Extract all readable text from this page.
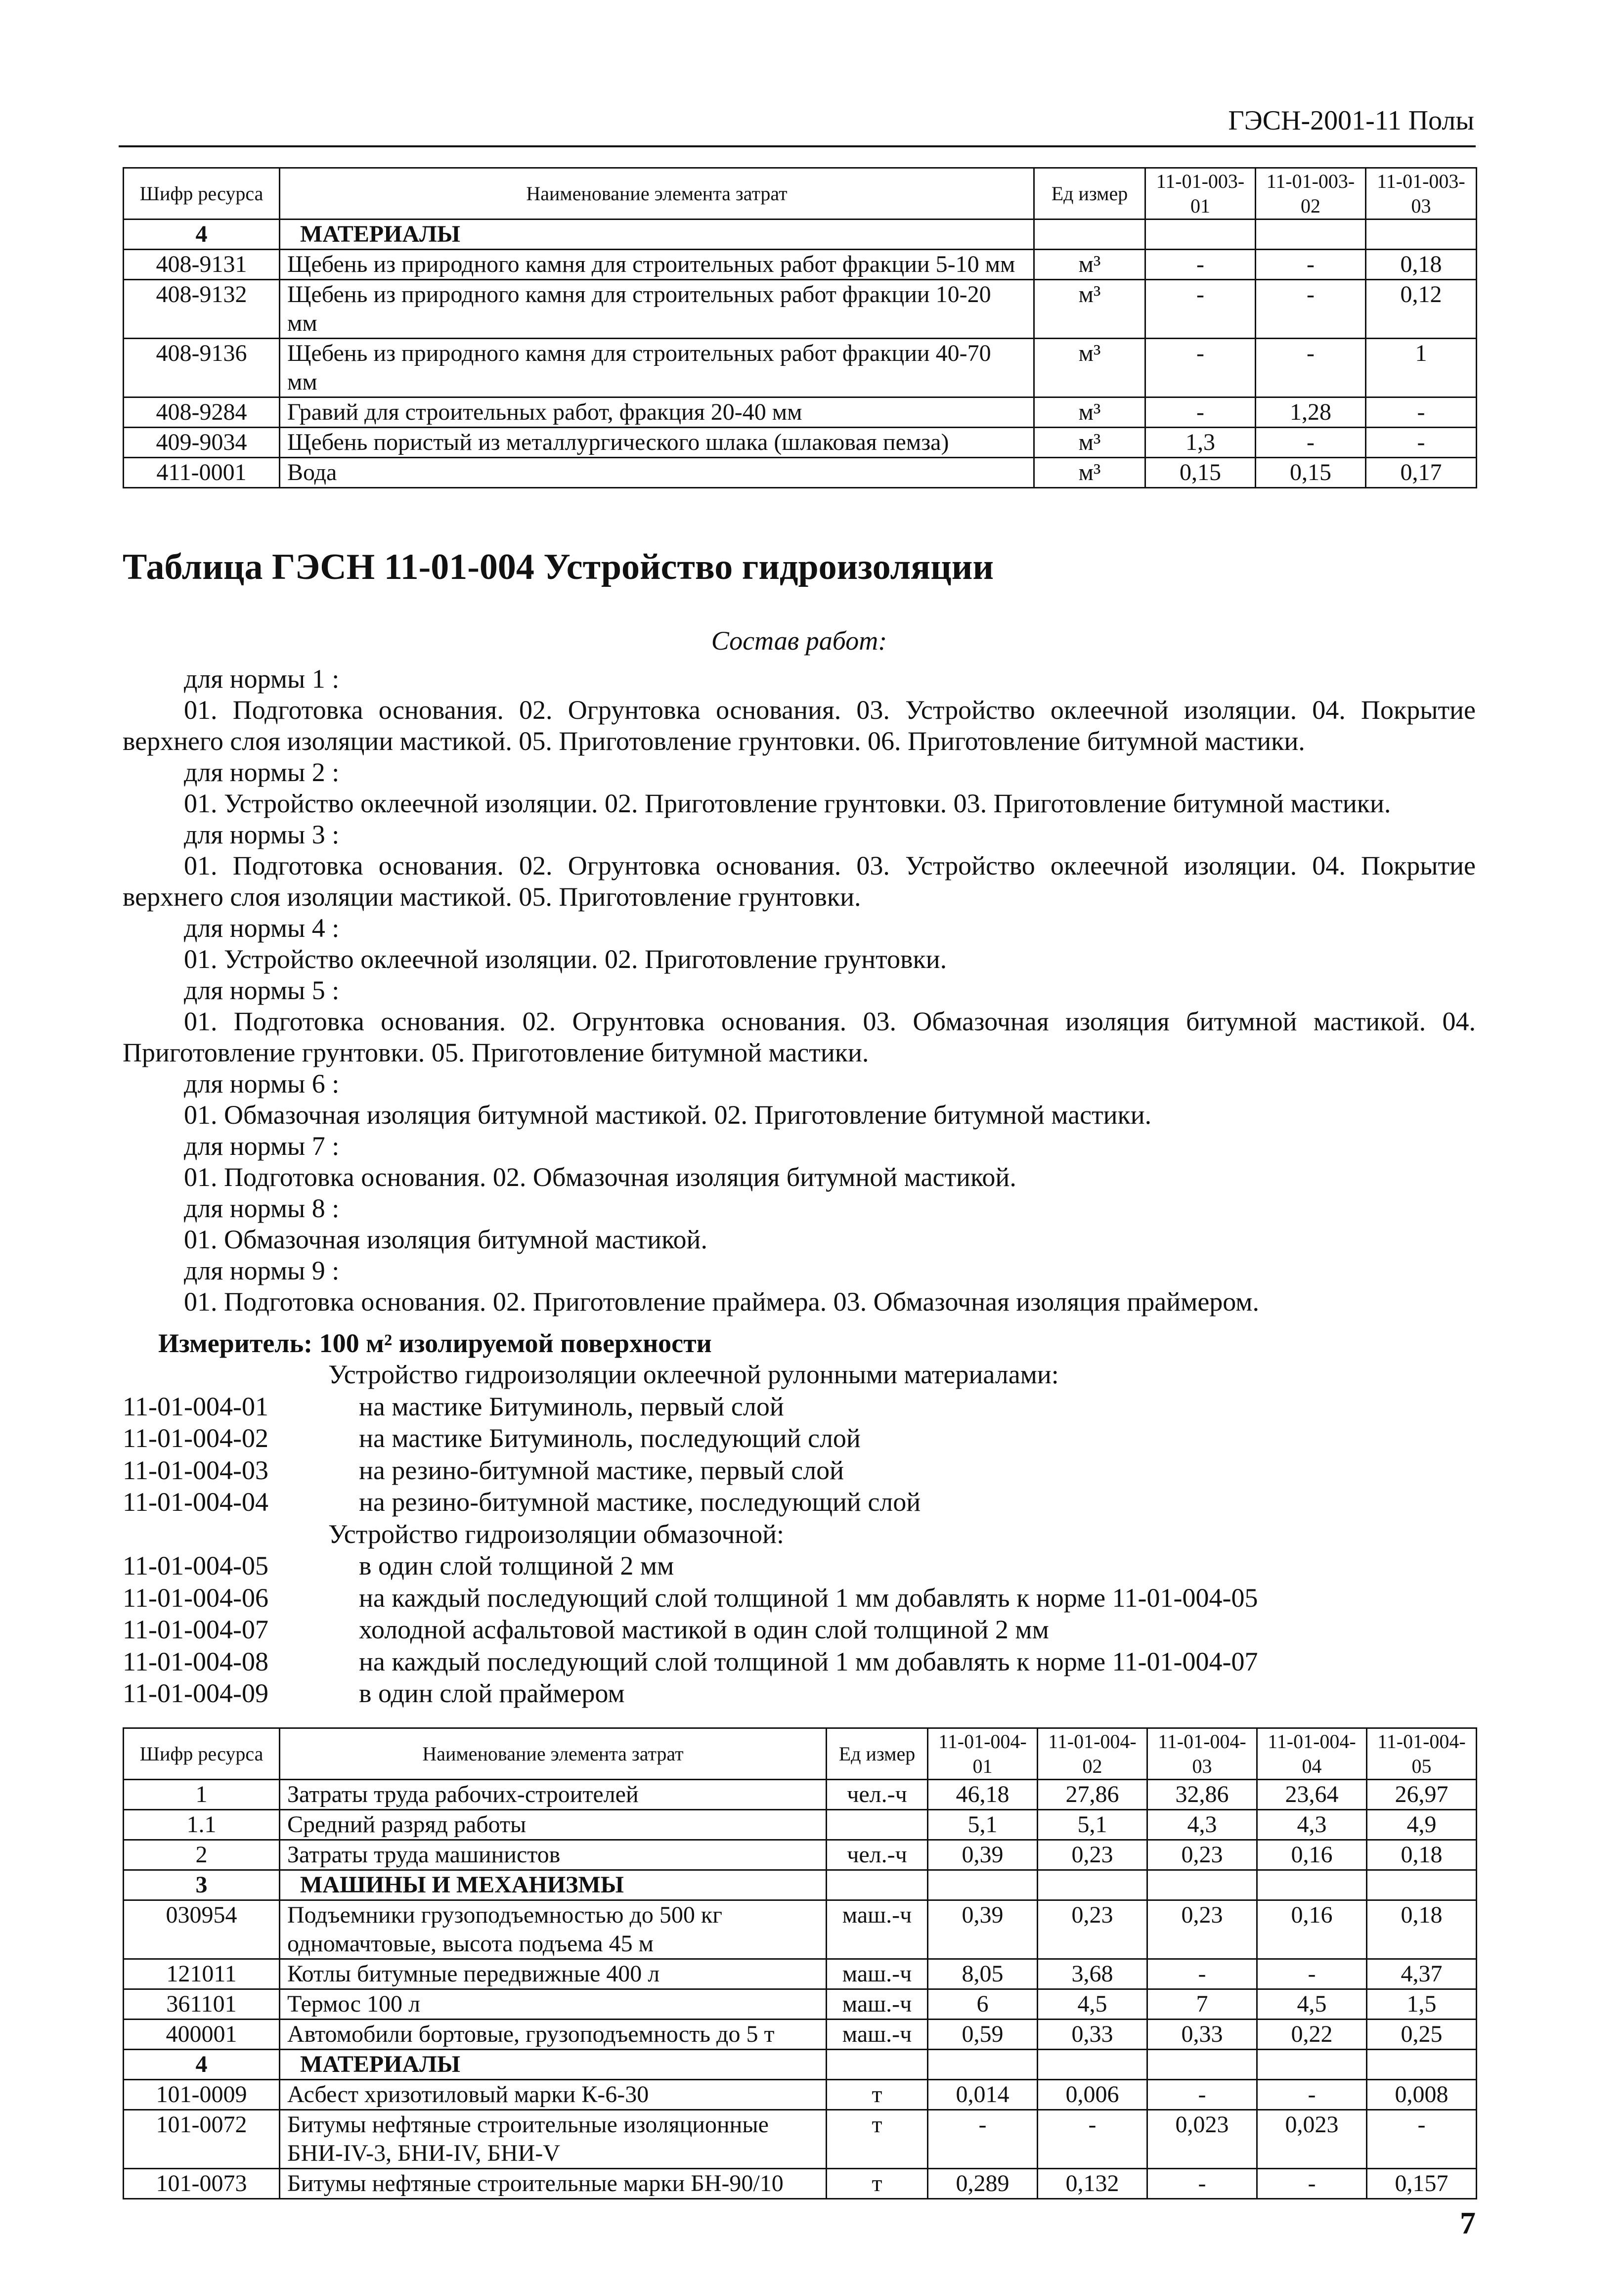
ГЭСН-2001-11 Полы
Шифр ресурса	Наименование элемента затрат	Ед измер	11-01-003-01	11-01-003-02	11-01-003-03
4	МАТЕРИАЛЫ				
408-9131	Щебень из природного камня для строительных работ фракции 5-10 мм	м³	-	-	0,18
408-9132	Щебень из природного камня для строительных работ фракции 10-20 мм	м³	-	-	0,12
408-9136	Щебень из природного камня для строительных работ фракции 40-70 мм	м³	-	-	1
408-9284	Гравий для строительных работ, фракция 20-40 мм	м³	-	1,28	-
409-9034	Щебень пористый из металлургического шлака (шлаковая пемза)	м³	1,3	-	-
411-0001	Вода	м³	0,15	0,15	0,17
Таблица ГЭСН 11-01-004 Устройство гидроизоляции
Состав работ:
для нормы 1 :
01. Подготовка основания. 02. Огрунтовка основания. 03. Устройство оклеечной изоляции. 04. Покрытие верхнего слоя изоляции мастикой. 05. Приготовление грунтовки. 06. Приготовление битумной мастики.
для нормы 2 :
01. Устройство оклеечной изоляции. 02. Приготовление грунтовки. 03. Приготовление битумной мастики.
для нормы 3 :
01. Подготовка основания. 02. Огрунтовка основания. 03. Устройство оклеечной изоляции. 04. Покрытие верхнего слоя изоляции мастикой. 05. Приготовление грунтовки.
для нормы 4 :
01. Устройство оклеечной изоляции. 02. Приготовление грунтовки.
для нормы 5 :
01. Подготовка основания. 02. Огрунтовка основания. 03. Обмазочная изоляция битумной мастикой. 04. Приготовление грунтовки. 05. Приготовление битумной мастики.
для нормы 6 :
01. Обмазочная изоляция битумной мастикой. 02. Приготовление битумной мастики.
для нормы 7 :
01. Подготовка основания. 02. Обмазочная изоляция битумной мастикой.
для нормы 8 :
01. Обмазочная изоляция битумной мастикой.
для нормы 9 :
01. Подготовка основания. 02. Приготовление праймера. 03. Обмазочная изоляция праймером.
Измеритель: 100 м² изолируемой поверхности
Устройство гидроизоляции оклеечной рулонными материалами:
11-01-004-01	на мастике Битуминоль, первый слой
11-01-004-02	на мастике Битуминоль, последующий слой
11-01-004-03	на резино-битумной мастике, первый слой
11-01-004-04	на резино-битумной мастике, последующий слой
Устройство гидроизоляции обмазочной:
11-01-004-05	в один слой толщиной 2 мм
11-01-004-06	на каждый последующий слой толщиной 1 мм добавлять к норме 11-01-004-05
11-01-004-07	холодной асфальтовой мастикой в один слой толщиной 2 мм
11-01-004-08	на каждый последующий слой толщиной 1 мм добавлять к норме 11-01-004-07
11-01-004-09	в один слой праймером
Шифр ресурса	Наименование элемента затрат	Ед измер	11-01-004-01	11-01-004-02	11-01-004-03	11-01-004-04	11-01-004-05
1	Затраты труда рабочих-строителей	чел.-ч	46,18	27,86	32,86	23,64	26,97
1.1	Средний разряд работы		5,1	5,1	4,3	4,3	4,9
2	Затраты труда машинистов	чел.-ч	0,39	0,23	0,23	0,16	0,18
3	МАШИНЫ И МЕХАНИЗМЫ						
030954	Подъемники грузоподъемностью до 500 кг одномачтовые, высота подъема 45 м	маш.-ч	0,39	0,23	0,23	0,16	0,18
121011	Котлы битумные передвижные 400 л	маш.-ч	8,05	3,68	-	-	4,37
361101	Термос 100 л	маш.-ч	6	4,5	7	4,5	1,5
400001	Автомобили бортовые, грузоподъемность до 5 т	маш.-ч	0,59	0,33	0,33	0,22	0,25
4	МАТЕРИАЛЫ						
101-0009	Асбест хризотиловый марки К-6-30	т	0,014	0,006	-	-	0,008
101-0072	Битумы нефтяные строительные изоляционные БНИ-IV-3, БНИ-IV, БНИ-V	т	-	-	0,023	0,023	-
101-0073	Битумы нефтяные строительные марки БН-90/10	т	0,289	0,132	-	-	0,157
7
